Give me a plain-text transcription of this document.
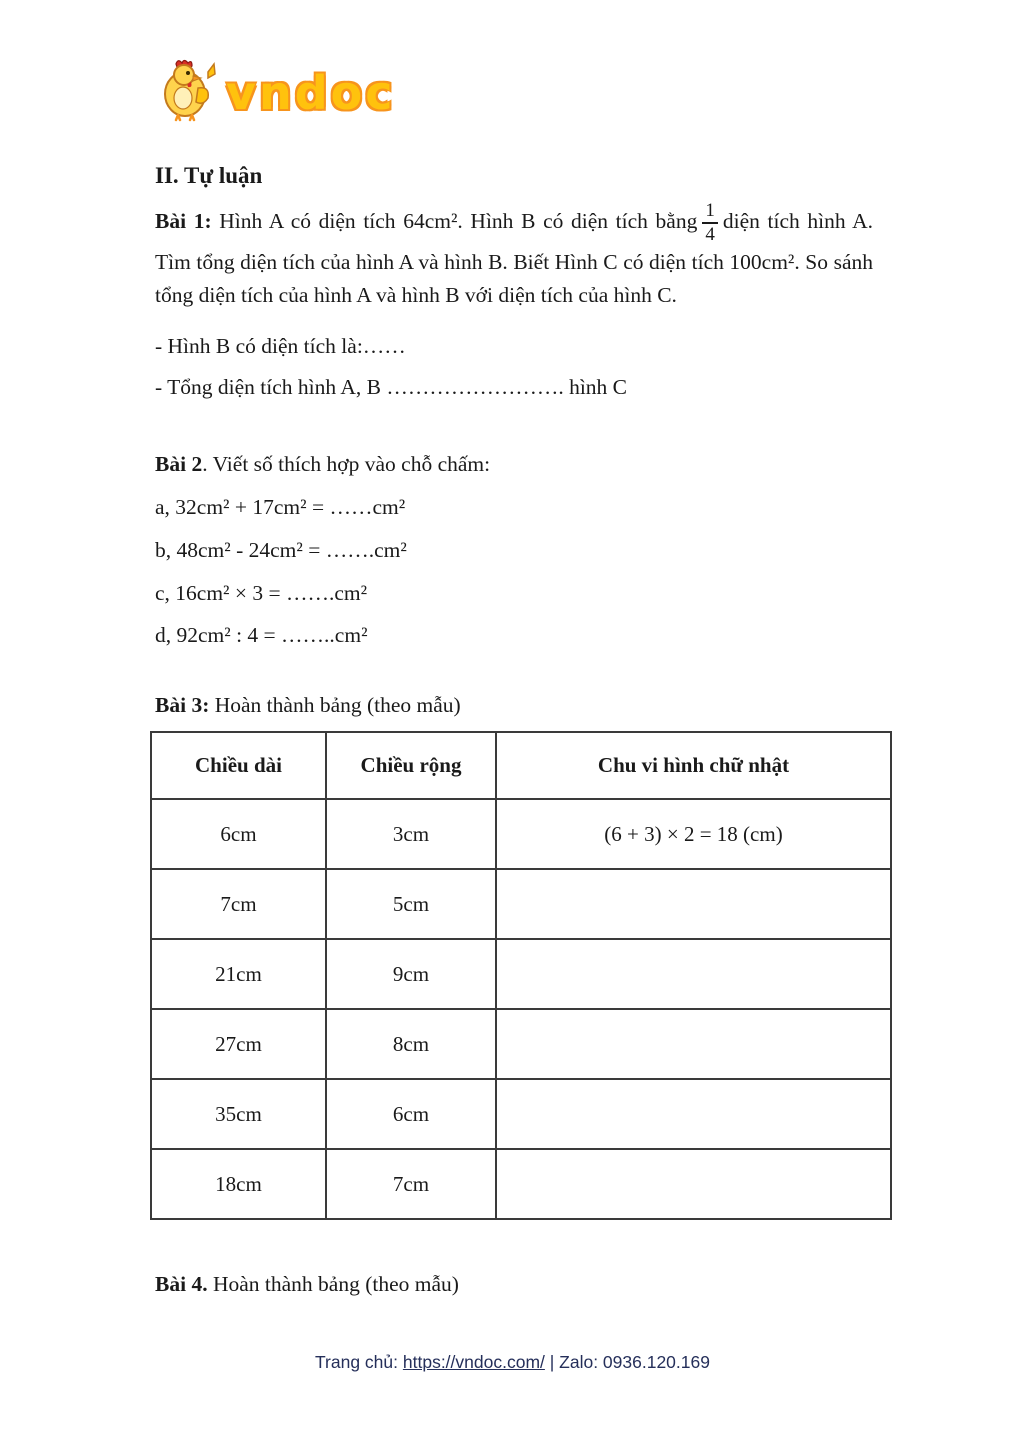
vndoc
II. Tự luận

Bài 1: Hình A có diện tích 64cm². Hình B có diện tích bằng $\frac{1}{4}$ diện tích hình A. Tìm tổng diện tích của hình A và hình B. Biết Hình C có diện tích 100cm². So sánh tổng diện tích của hình A và hình B với diện tích của hình C.

- Hình B có diện tích là:……
- Tổng diện tích hình A, B ……………………. hình C
Bài 2. Viết số thích hợp vào chỗ chấm:
a, 32cm² + 17cm² = ……cm²
b, 48cm² - 24cm² = …….cm²
c, 16cm² × 3 = …….cm²
d, 92cm² : 4 = ……..cm²
Bài 3: Hoàn thành bảng (theo mẫu)
Chiều dài	Chiều rộng	Chu vi hình chữ nhật
6cm	3cm	(6 + 3) × 2 = 18 (cm)
7cm	5cm	
21cm	9cm	
27cm	8cm	
35cm	6cm	
18cm	7cm	
Bài 4. Hoàn thành bảng (theo mẫu)
Trang chủ: https://vndoc.com/ | Zalo: 0936.120.169
